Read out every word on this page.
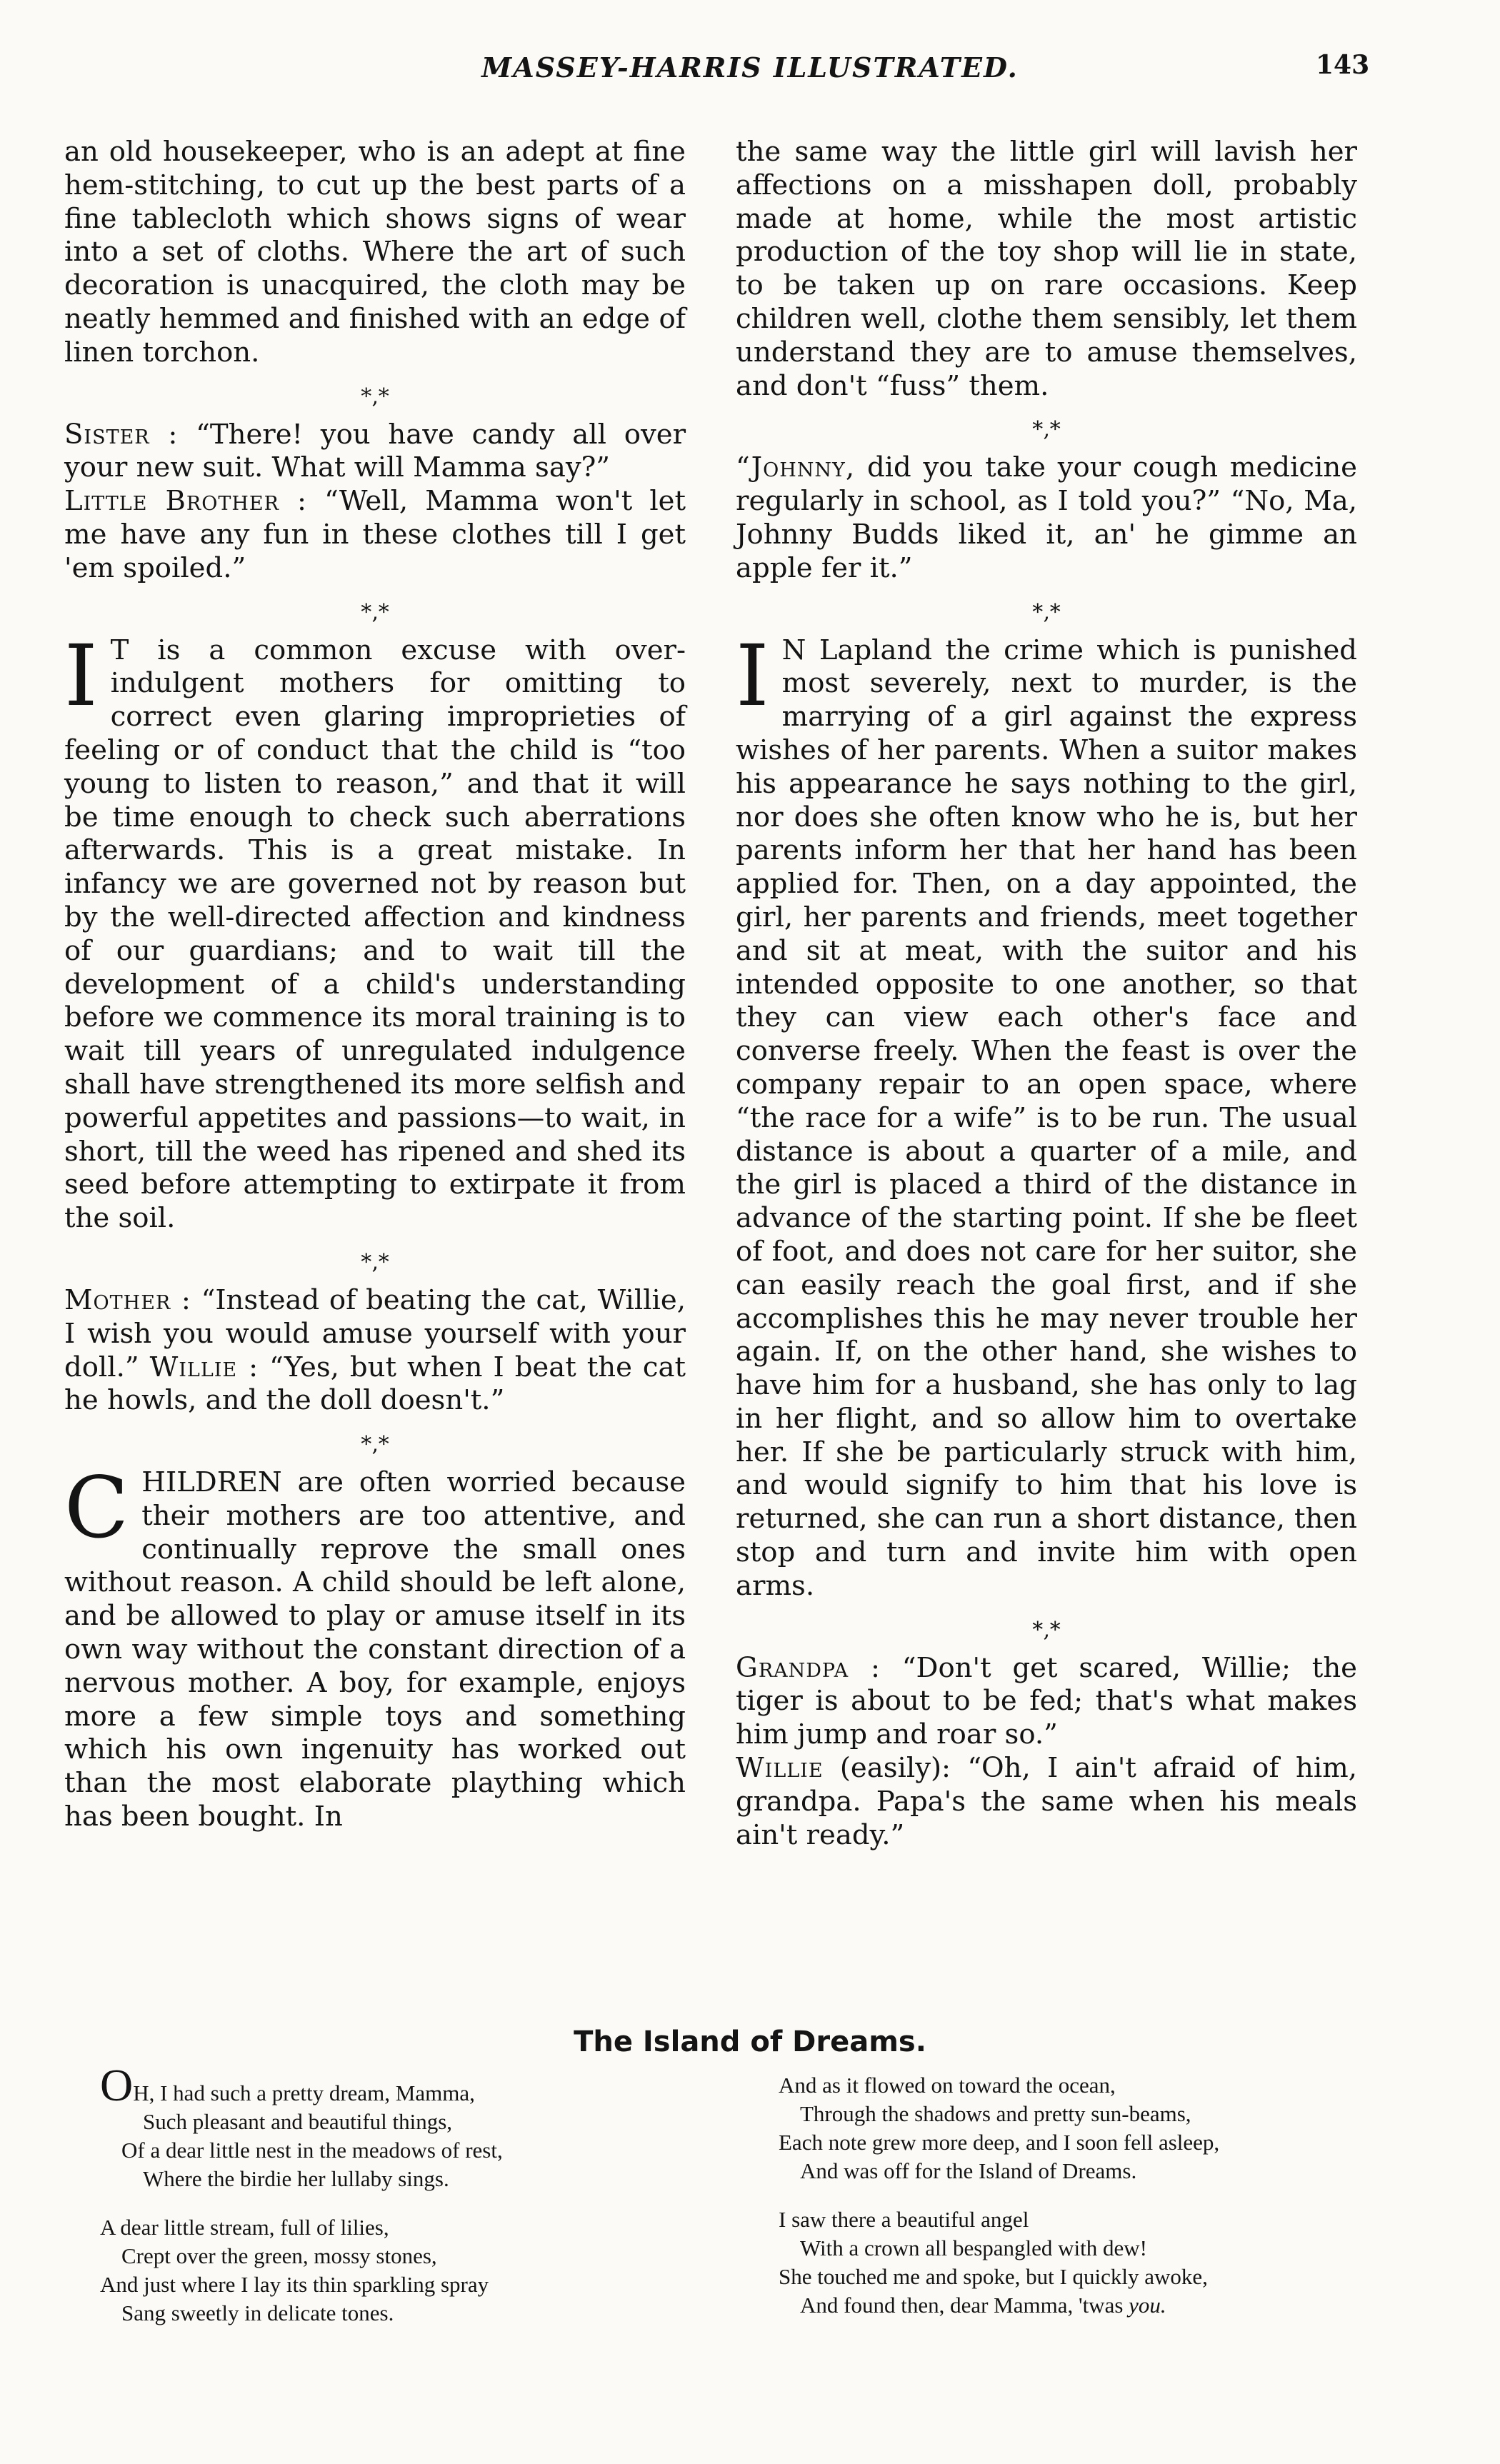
MASSEY-HARRIS ILLUSTRATED.	143

an old housekeeper, who is an adept at fine hem-stitching, to cut up the best parts of a fine tablecloth which shows signs of wear into a set of cloths. Where the art of such decoration is unacquired, the cloth may be neatly hemmed and finished with an edge of linen torchon.

*‚*

Sister : “There! you have candy all over your new suit. What will Mamma say?”

Little Brother : “Well, Mamma won't let me have any fun in these clothes till I get 'em spoiled.”

*‚*

I T is a common excuse with over-indulgent mothers for omitting to correct even glaring improprieties of feeling or of conduct that the child is “too young to listen to reason,” and that it will be time enough to check such aberrations afterwards. This is a great mistake. In infancy we are governed not by reason but by the well-directed affection and kindness of our guardians; and to wait till the development of a child's understanding before we commence its moral training is to wait till years of unregulated indulgence shall have strengthened its more selfish and powerful appetites and passions—to wait, in short, till the weed has ripened and shed its seed before attempting to extirpate it from the soil.

*‚*

Mother : “Instead of beating the cat, Willie, I wish you would amuse yourself with your doll.” Willie : “Yes, but when I beat the cat he howls, and the doll doesn't.”

*‚*

C HILDREN are often worried because their mothers are too attentive, and continually reprove the small ones without reason. A child should be left alone, and be allowed to play or amuse itself in its own way without the constant direction of a nervous mother. A boy, for example, enjoys more a few simple toys and something which his own ingenuity has worked out than the most elaborate plaything which has been bought. In

the same way the little girl will lavish her affections on a misshapen doll, probably made at home, while the most artistic production of the toy shop will lie in state, to be taken up on rare occasions. Keep children well, clothe them sensibly, let them understand they are to amuse themselves, and don't “fuss” them.

*‚*

“Johnny, did you take your cough medicine regularly in school, as I told you?” “No, Ma, Johnny Budds liked it, an' he gimme an apple fer it.”

*‚*

I N Lapland the crime which is punished most severely, next to murder, is the marrying of a girl against the express wishes of her parents. When a suitor makes his appearance he says nothing to the girl, nor does she often know who he is, but her parents inform her that her hand has been applied for. Then, on a day appointed, the girl, her parents and friends, meet together and sit at meat, with the suitor and his intended opposite to one another, so that they can view each other's face and converse freely. When the feast is over the company repair to an open space, where “the race for a wife” is to be run. The usual distance is about a quarter of a mile, and the girl is placed a third of the distance in advance of the starting point. If she be fleet of foot, and does not care for her suitor, she can easily reach the goal first, and if she accomplishes this he may never trouble her again. If, on the other hand, she wishes to have him for a husband, she has only to lag in her flight, and so allow him to overtake her. If she be particularly struck with him, and would signify to him that his love is returned, she can run a short distance, then stop and turn and invite him with open arms.

*‚*

Grandpa : “Don't get scared, Willie; the tiger is about to be fed; that's what makes him jump and roar so.”

Willie (easily): “Oh, I ain't afraid of him, grandpa. Papa's the same when his meals ain't ready.”

The Island of Dreams.
OH, I had such a pretty dream, Mamma,
Such pleasant and beautiful things,
Of a dear little nest in the meadows of rest,
Where the birdie her lullaby sings.
A dear little stream, full of lilies,
Crept over the green, mossy stones,
And just where I lay its thin sparkling spray
Sang sweetly in delicate tones.
And as it flowed on toward the ocean,
Through the shadows and pretty sun-beams,
Each note grew more deep, and I soon fell asleep,
And was off for the Island of Dreams.
I saw there a beautiful angel
With a crown all bespangled with dew!
She touched me and spoke, but I quickly awoke,
And found then, dear Mamma, 'twas you.
